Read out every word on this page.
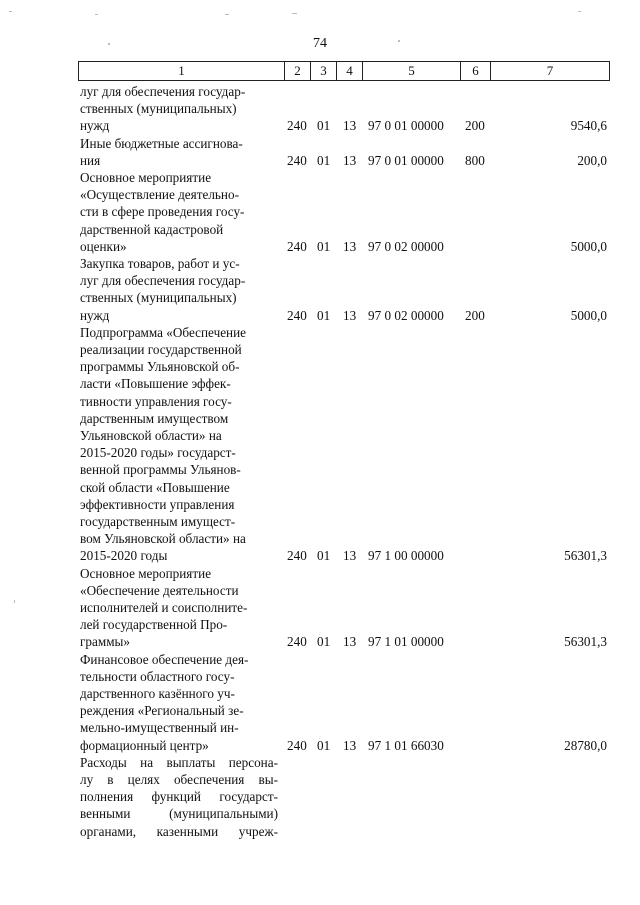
74
1	2	3	4	5	6	7
луг для обеспечения государ-
ственных (муниципальных)
нужд	240 01 13 97 0 01 00000 200	9540,6
Иные бюджетные ассигнова-
ния	240 01 13 97 0 01 00000 800	200,0
Основное мероприятие
«Осуществление деятельно-
сти в сфере проведения госу-
дарственной кадастровой
оценки»	240 01 13 97 0 02 00000	5000,0
Закупка товаров, работ и ус-
луг для обеспечения государ-
ственных (муниципальных)
нужд	240 01 13 97 0 02 00000 200	5000,0
Подпрограмма «Обеспечение
реализации государственной
программы Ульяновской об-
ласти «Повышение эффек-
тивности управления госу-
дарственным имуществом
Ульяновской области» на
2015-2020 годы» государст-
венной программы Ульянов-
ской области «Повышение
эффективности управления
государственным имущест-
вом Ульяновской области» на
2015-2020 годы	240 01 13 97 1 00 00000	56301,3
Основное мероприятие
«Обеспечение деятельности
исполнителей и соисполните-
лей государственной Про-
граммы»	240 01 13 97 1 01 00000	56301,3
Финансовое обеспечение дея-
тельности областного госу-
дарственного казённого уч-
реждения «Региональный зе-
мельно-имущественный ин-
формационный центр»	240 01 13 97 1 01 66030	28780,0
Расходы на выплаты персона-
лу в целях обеспечения вы-
полнения функций государст-
венными (муниципальными)
органами, казенными учреж-
